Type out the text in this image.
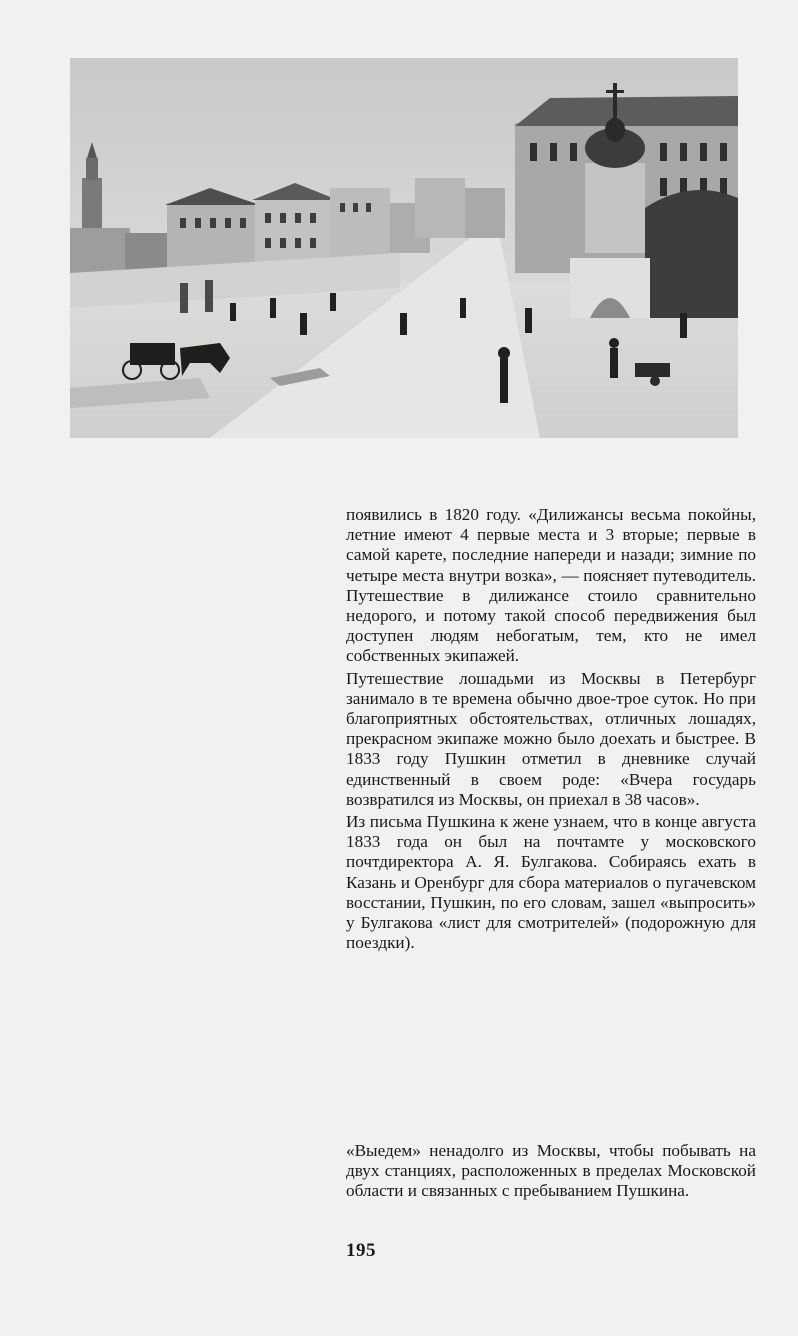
появились в 1820 году. «Дилижансы весьма покойны, летние имеют 4 первые места и 3 вторые; первые в самой карете, последние напереди и назади; зимние по четыре места внутри возка», — поясняет путеводитель. Путешествие в дилижансе стоило сравнительно недорого, и потому такой способ передвижения был доступен людям небогатым, тем, кто не имел собственных экипажей.

Путешествие лошадьми из Москвы в Петербург занимало в те времена обычно двое-трое суток. Но при благоприятных обстоятельствах, отличных лошадях, прекрасном экипаже можно было доехать и быстрее. В 1833 году Пушкин отметил в дневнике случай единственный в своем роде: «Вчера государь возвратился из Москвы, он приехал в 38 часов».

Из письма Пушкина к жене узнаем, что в конце августа 1833 года он был на почтамте у московского почтдиректора А. Я. Булгакова. Собираясь ехать в Казань и Оренбург для сбора материалов о пугачевском восстании, Пушкин, по его словам, зашел «выпросить» у Булгакова «лист для смотрителей» (подорожную для поездки).

«Выедем» ненадолго из Москвы, чтобы побывать на двух станциях, расположенных в пределах Московской области и связанных с пребыванием Пушкина.

195
